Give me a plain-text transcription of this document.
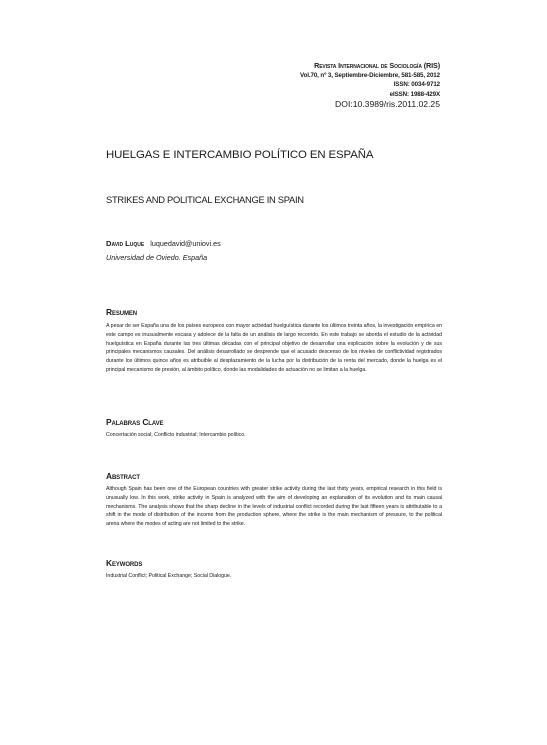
Revista Internacional de Sociología (RIS)
Vol.70, nº 3, Septiembre-Diciembre, 581-585, 2012
ISSN: 0034-9712
eISSN: 1988-429X
DOI:10.3989/ris.2011.02.25
HUELGAS E INTERCAMBIO POLÍTICO EN ESPAÑA
STRIKES AND POLITICAL EXCHANGE IN SPAIN
David Luque luquedavid@uniovi.es
Universidad de Oviedo. España
Resumen
A pesar de ser España una de los países europeos con mayor actividad huelguística durante los últimos treinta años, la investigación empírica en este campo es inusualmente escasa y adolece de la falta de un análisis de largo recorrido. En este trabajo se aborda el estudio de la actividad huelguística en España durante las tres últimas décadas con el principal objetivo de desarrollar una explicación sobre la evolución y de sus principales mecanismos causales. Del análisis desarrollado se desprende que el acusado descenso de los niveles de conflictividad registrados durante los últimos quince años es atribuible al desplazamiento de la lucha por la distribución de la renta del mercado, donde la huelga es el principal mecanismo de presión, al ámbito político, donde las modalidades de actuación no se limitan a la huelga.
Palabras Clave
Concertación social; Conflicto industrial; Intercambio político.
Abstract
Although Spain has been one of the European countries with greater strike activity during the last thirty years, empirical research in this field is unusually low. In this work, strike activity in Spain is analyzed with the aim of developing an explanation of its evolution and its main causal mechanisms. The analysis shows that the sharp decline in the levels of industrial conflict recorded during the last fifteen years is attributable to a shift in the mode of distribution of the income from the production sphere, where the strike is the main mechanism of pressure, to the political arena where the modes of acting are not limited to the strike.
Keywords
Industrial Conflict; Political Exchange; Social Dialogue.
